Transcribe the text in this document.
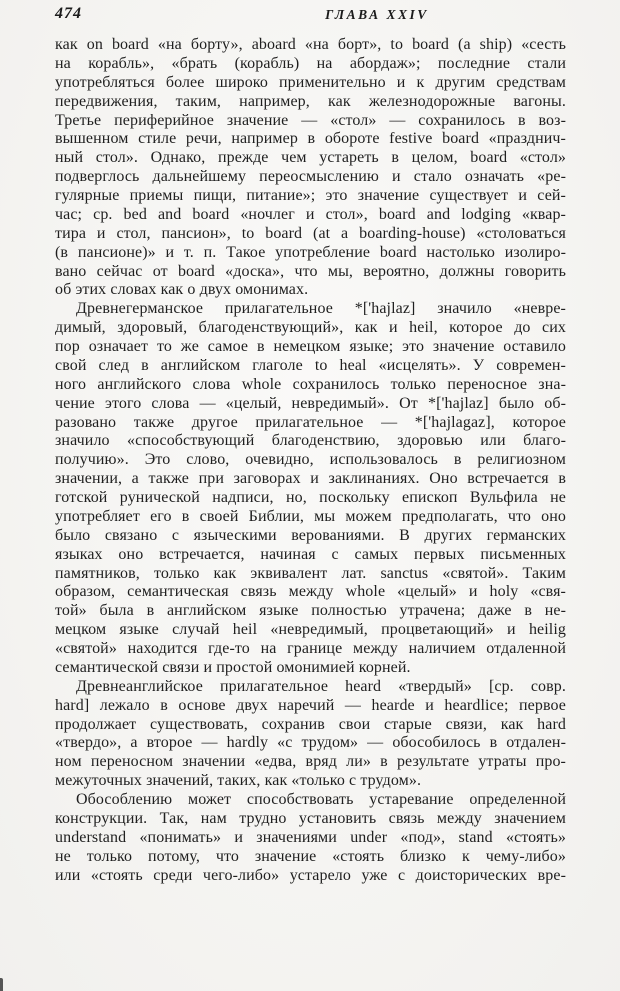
474	ГЛАВА XXIV
как on board «на борту», aboard «на борт», to board (a ship) «сесть
на корабль», «брать (корабль) на абордаж»; последние стали
употребляться более широко применительно и к другим средствам
передвижения, таким, например, как железнодорожные вагоны.
Третье периферийное значение — «стол» — сохранилось в воз-
вышенном стиле речи, например в обороте festive board «празднич-
ный стол». Однако, прежде чем устареть в целом, board «стол»
подверглось дальнейшему переосмыслению и стало означать «ре-
гулярные приемы пищи, питание»; это значение существует и сей-
час; ср. bed and board «ночлег и стол», board and lodging «квар-
тира и стол, пансион», to board (at a boarding-house) «столоваться
(в пансионе)» и т. п. Такое употребление board настолько изолиро-
вано сейчас от board «доска», что мы, вероятно, должны говорить
об этих словах как о двух омонимах.
Древнегерманское прилагательное *['hajlaz] значило «невре-
димый, здоровый, благоденствующий», как и heil, которое до сих
пор означает то же самое в немецком языке; это значение оставило
свой след в английском глаголе to heal «исцелять». У современ-
ного английского слова whole сохранилось только переносное зна-
чение этого слова — «целый, невредимый». От *['hajlaz] было об-
разовано также другое прилагательное — *['hajlagaz], которое
значило «способствующий благоденствию, здоровью или благо-
получию». Это слово, очевидно, использовалось в религиозном
значении, а также при заговорах и заклинаниях. Оно встречается в
готской рунической надписи, но, поскольку епископ Вульфила не
употребляет его в своей Библии, мы можем предполагать, что оно
было связано с языческими верованиями. В других германских
языках оно встречается, начиная с самых первых письменных
памятников, только как эквивалент лат. sanctus «святой». Таким
образом, семантическая связь между whole «целый» и holy «свя-
той» была в английском языке полностью утрачена; даже в не-
мецком языке случай heil «невредимый, процветающий» и heilig
«святой» находится где-то на границе между наличием отдаленной
семантической связи и простой омонимией корней.
Древнеанглийское прилагательное heard «твердый» [ср. совр.
hard] лежало в основе двух наречий — hearde и heardlice; первое
продолжает существовать, сохранив свои старые связи, как hard
«твердо», а второе — hardly «с трудом» — обособилось в отдален-
ном переносном значении «едва, вряд ли» в результате утраты про-
межуточных значений, таких, как «только с трудом».
Обособлению может способствовать устаревание определенной
конструкции. Так, нам трудно установить связь между значением
understand «понимать» и значениями under «под», stand «стоять»
не только потому, что значение «стоять близко к чему-либо»
или «стоять среди чего-либо» устарело уже с доисторических вре-
